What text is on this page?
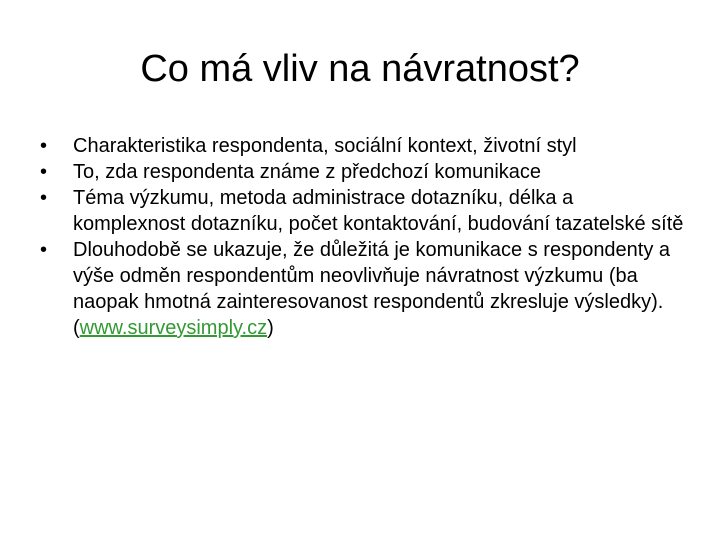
Co má vliv na návratnost?
•	Charakteristika respondenta, sociální kontext, životní styl
•	To, zda respondenta známe z předchozí komunikace
•	Téma výzkumu, metoda administrace dotazníku, délka a komplexnost dotazníku, počet kontaktování, budování tazatelské sítě
•	Dlouhodobě se ukazuje, že důležitá je komunikace s respondenty a výše odměn respondentům neovlivňuje návratnost výzkumu (ba naopak hmotná zainteresovanost respondentů zkresluje výsledky). (www.surveysimply.cz)
